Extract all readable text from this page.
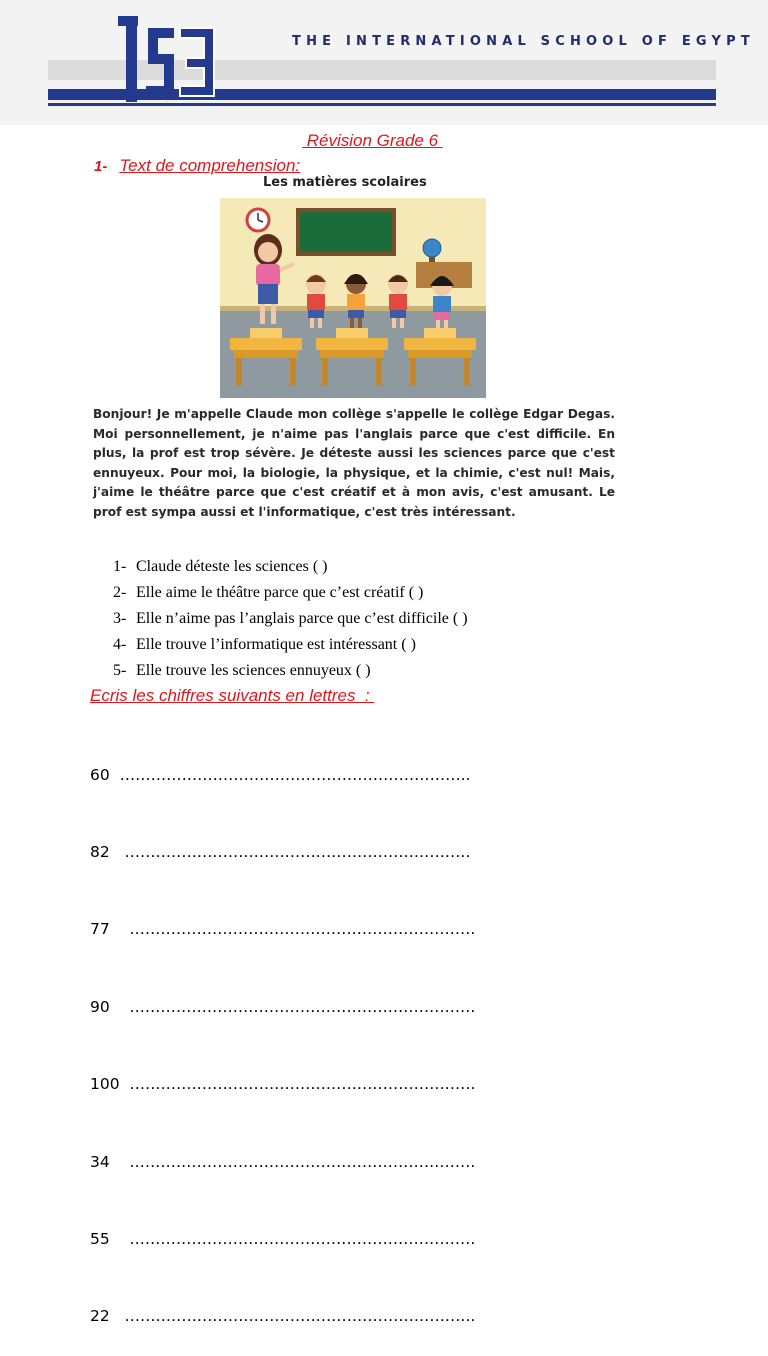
ISE
THE INTERNATIONAL SCHOOL OF EGYPT
Révision Grade 6
1- Text de comprehension:
Les matières scolaires

Bonjour! Je m'appelle Claude mon collège s'appelle le collège Edgar Degas. Moi personnellement, je n'aime pas l'anglais parce que c'est difficile. En plus, la prof est trop sévère. Je déteste aussi les sciences parce que c'est ennuyeux. Pour moi, la biologie, la physique, et la chimie, c'est nul! Mais, j'aime le théâtre parce que c'est créatif et à mon avis, c'est amusant. Le prof est sympa aussi et l'informatique, c'est très intéressant.

1- Claude déteste les sciences ( )
2- Elle aime le théâtre parce que c’est créatif ( )
3- Elle n’aime pas l’anglais parce que c’est difficile ( )
4- Elle trouve l’informatique est intéressant ( )
5- Elle trouve les sciences ennuyeux ( )
Ecris les chiffres suivants en lettres  :

60  …………………………………………………………..

82   ………………………………………………………….

77    ………………………………………………………….

90    ………………………………………………………….

100  ………………………………………………………….

34    ………………………………………………………….

55    ………………………………………………………….

22   …………………………………………………………..
